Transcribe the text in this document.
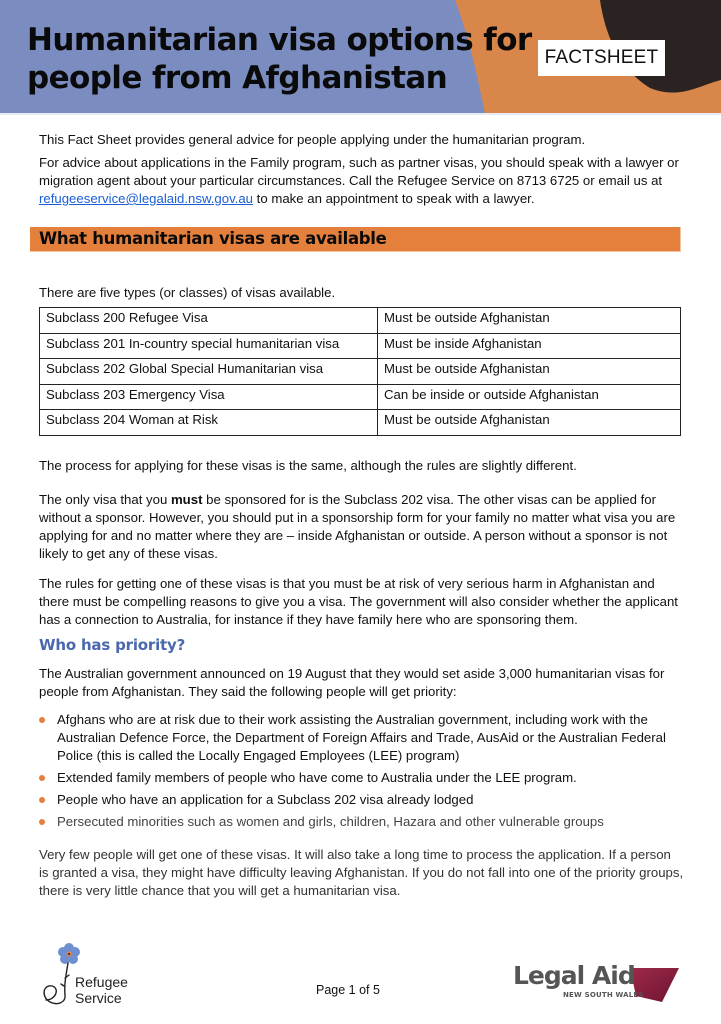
Humanitarian visa options for
people from Afghanistan
FACTSHEET

This Fact Sheet provides general advice for people applying under the humanitarian program.

For advice about applications in the Family program, such as partner visas, you should speak with a lawyer or migration agent about your particular circumstances. Call the Refugee Service on 8713 6725 or email us at refugeeservice@legalaid.nsw.gov.au to make an appointment to speak with a lawyer.

What humanitarian visas are available

There are five types (or classes) of visas available.

Subclass 200 Refugee Visa	Must be outside Afghanistan
Subclass 201 In-country special humanitarian visa	Must be inside Afghanistan
Subclass 202 Global Special Humanitarian visa	Must be outside Afghanistan
Subclass 203 Emergency Visa	Can be inside or outside Afghanistan
Subclass 204 Woman at Risk	Must be outside Afghanistan

The process for applying for these visas is the same, although the rules are slightly different.

The only visa that you must be sponsored for is the Subclass 202 visa. The other visas can be applied for without a sponsor. However, you should put in a sponsorship form for your family no matter what visa you are applying for and no matter where they are – inside Afghanistan or outside. A person without a sponsor is not likely to get any of these visas.

The rules for getting one of these visas is that you must be at risk of very serious harm in Afghanistan and there must be compelling reasons to give you a visa. The government will also consider whether the applicant has a connection to Australia, for instance if they have family here who are sponsoring them.

Who has priority?

The Australian government announced on 19 August that they would set aside 3,000 humanitarian visas for people from Afghanistan. They said the following people will get priority:

Afghans who are at risk due to their work assisting the Australian government, including work with the Australian Defence Force, the Department of Foreign Affairs and Trade, AusAid or the Australian Federal Police (this is called the Locally Engaged Employees (LEE) program)
Extended family members of people who have come to Australia under the LEE program.
People who have an application for a Subclass 202 visa already lodged
Persecuted minorities such as women and girls, children, Hazara and other vulnerable groups

Very few people will get one of these visas. It will also take a long time to process the application. If a person is granted a visa, they might have difficulty leaving Afghanistan. If you do not fall into one of the priority groups, there is very little chance that you will get a humanitarian visa.

Refugee
Service	Page 1 of 5	Legal Aid
NEW SOUTH WALES
